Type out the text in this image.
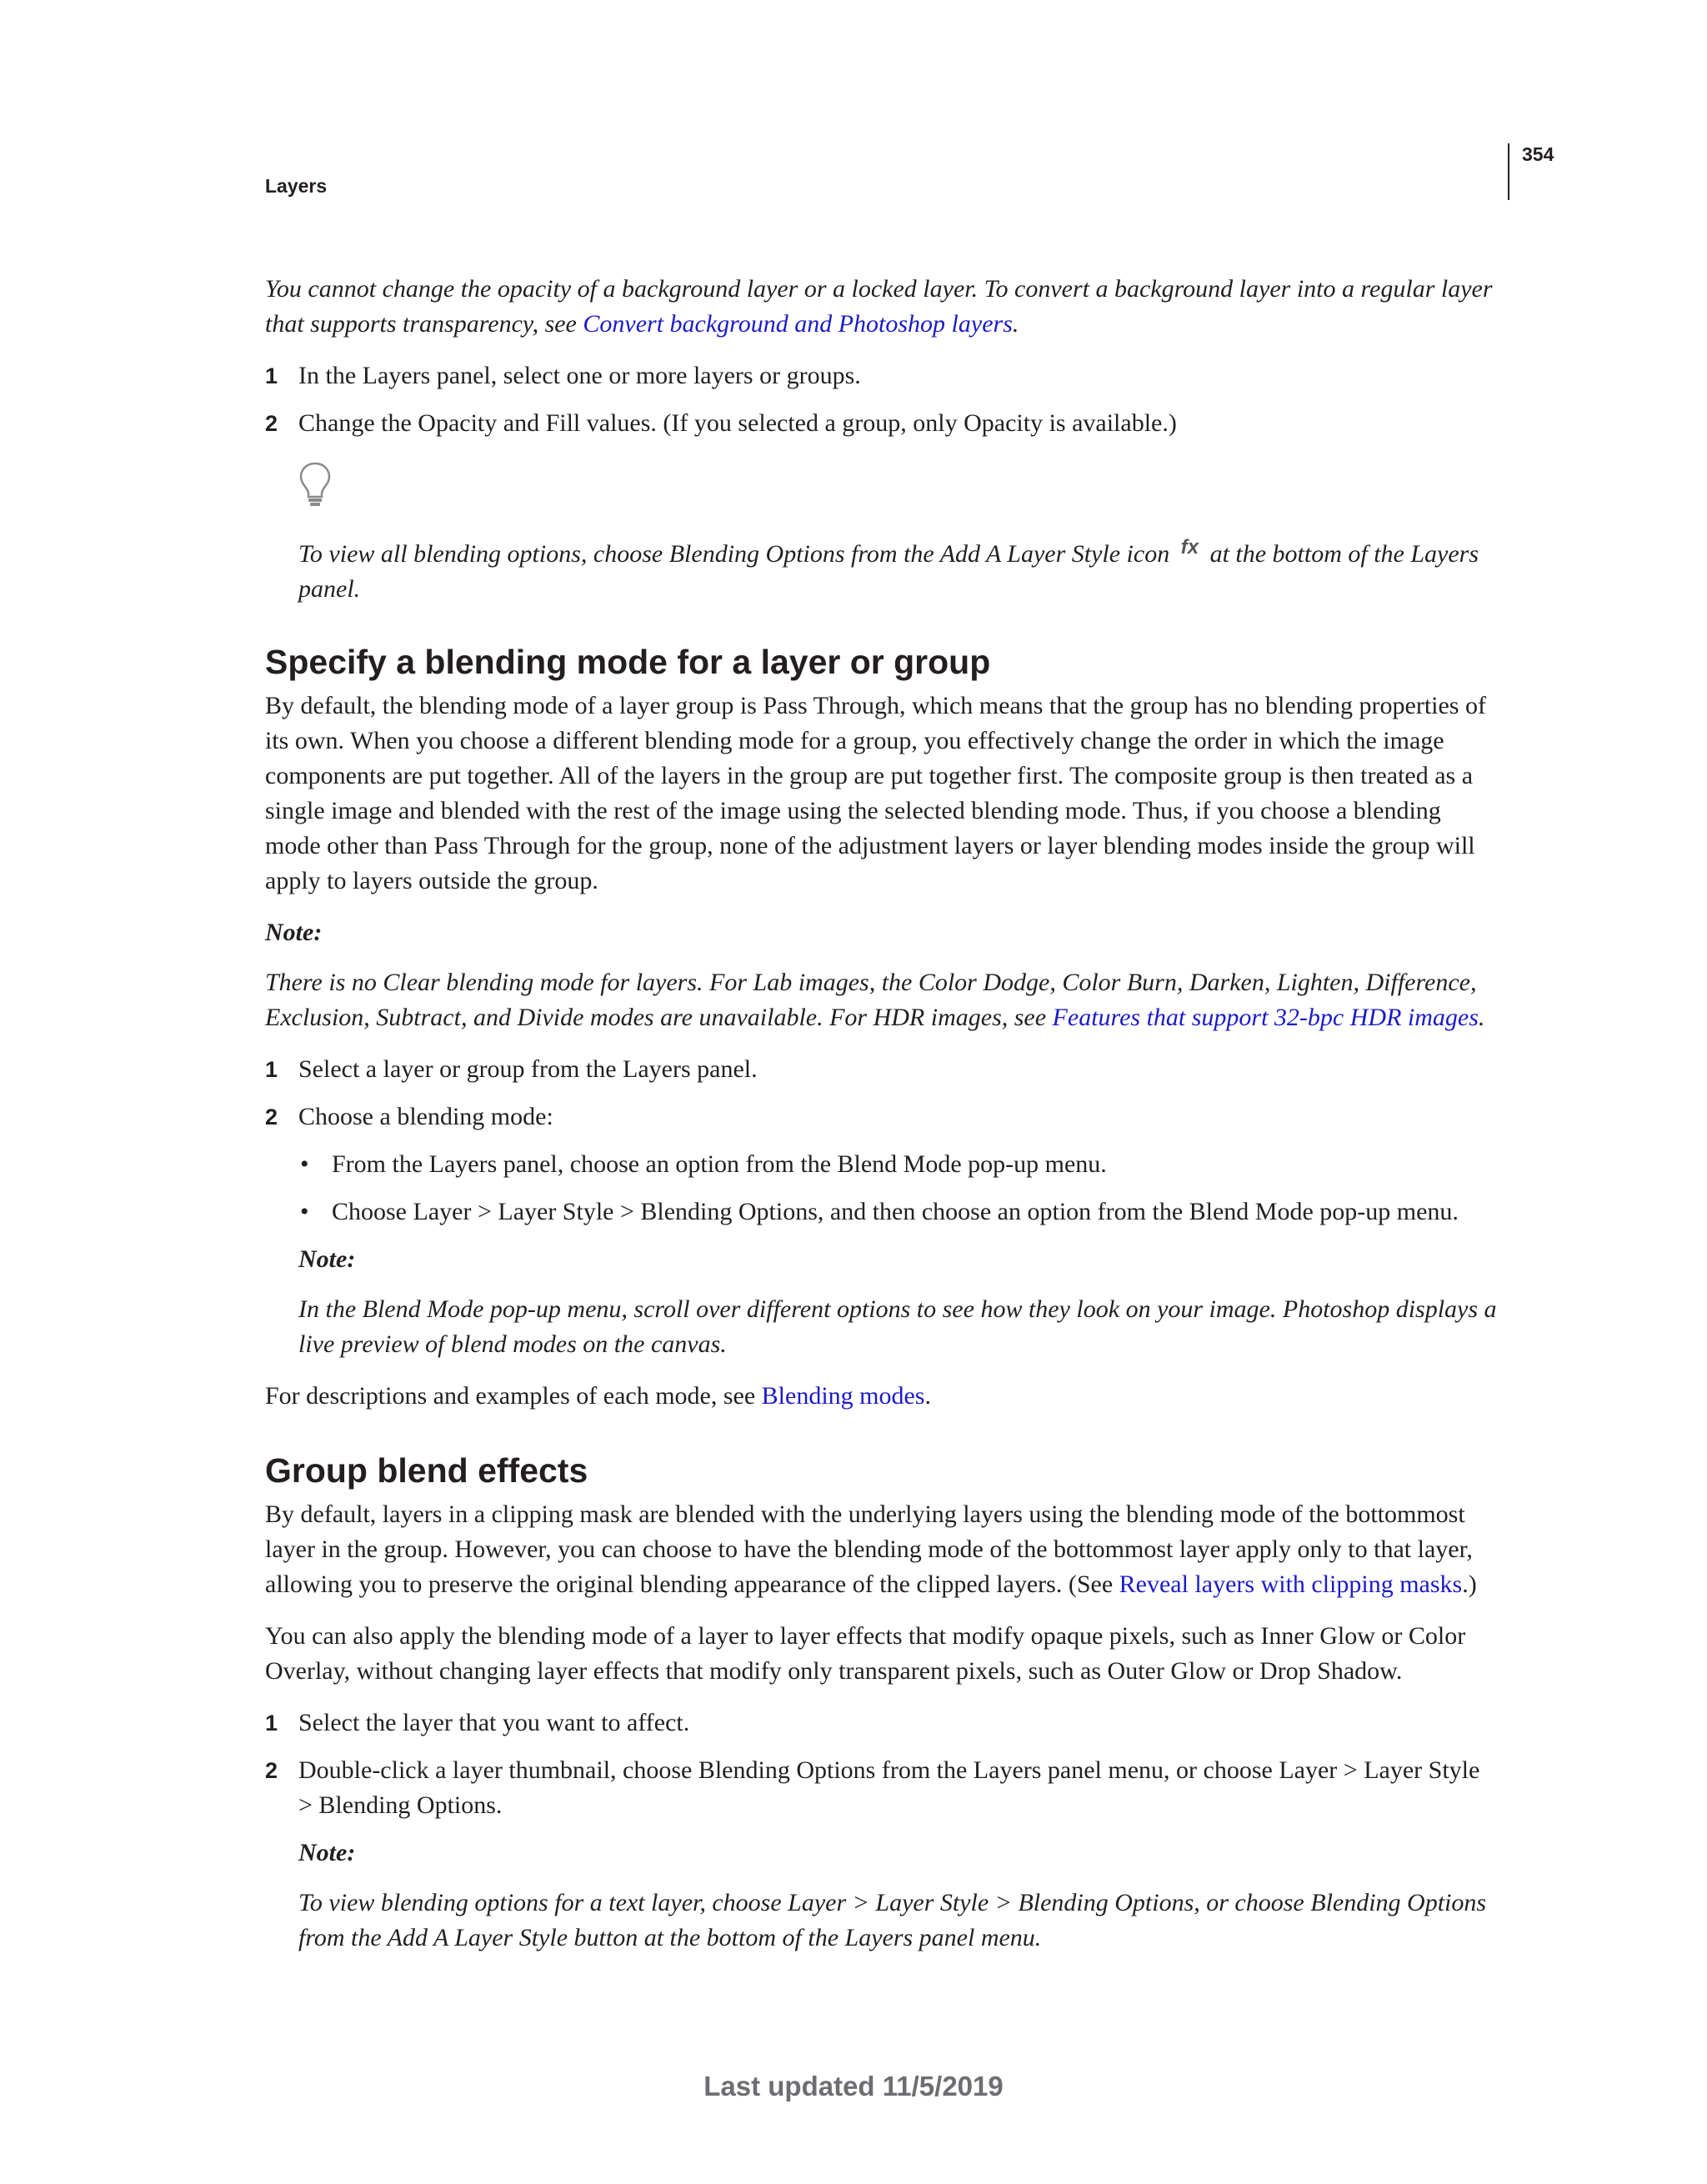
354
Layers

You cannot change the opacity of a background layer or a locked layer. To convert a background layer into a regular layer that supports transparency, see Convert background and Photoshop layers.

1 In the Layers panel, select one or more layers or groups.

2 Change the Opacity and Fill values. (If you selected a group, only Opacity is available.)

To view all blending options, choose Blending Options from the Add A Layer Style icon fx at the bottom of the Layers panel.

Specify a blending mode for a layer or group

By default, the blending mode of a layer group is Pass Through, which means that the group has no blending properties of its own. When you choose a different blending mode for a group, you effectively change the order in which the image components are put together. All of the layers in the group are put together first. The composite group is then treated as a single image and blended with the rest of the image using the selected blending mode. Thus, if you choose a blending mode other than Pass Through for the group, none of the adjustment layers or layer blending modes inside the group will apply to layers outside the group.

Note:

There is no Clear blending mode for layers. For Lab images, the Color Dodge, Color Burn, Darken, Lighten, Difference, Exclusion, Subtract, and Divide modes are unavailable. For HDR images, see Features that support 32-bpc HDR images.

1 Select a layer or group from the Layers panel.

2 Choose a blending mode:

• From the Layers panel, choose an option from the Blend Mode pop-up menu.

• Choose Layer > Layer Style > Blending Options, and then choose an option from the Blend Mode pop-up menu.

Note:

In the Blend Mode pop-up menu, scroll over different options to see how they look on your image. Photoshop displays a live preview of blend modes on the canvas.

For descriptions and examples of each mode, see Blending modes.

Group blend effects

By default, layers in a clipping mask are blended with the underlying layers using the blending mode of the bottommost layer in the group. However, you can choose to have the blending mode of the bottommost layer apply only to that layer, allowing you to preserve the original blending appearance of the clipped layers. (See Reveal layers with clipping masks.)

You can also apply the blending mode of a layer to layer effects that modify opaque pixels, such as Inner Glow or Color Overlay, without changing layer effects that modify only transparent pixels, such as Outer Glow or Drop Shadow.

1 Select the layer that you want to affect.

2 Double-click a layer thumbnail, choose Blending Options from the Layers panel menu, or choose Layer > Layer Style > Blending Options.

Note:

To view blending options for a text layer, choose Layer > Layer Style > Blending Options, or choose Blending Options from the Add A Layer Style button at the bottom of the Layers panel menu.

Last updated 11/5/2019
